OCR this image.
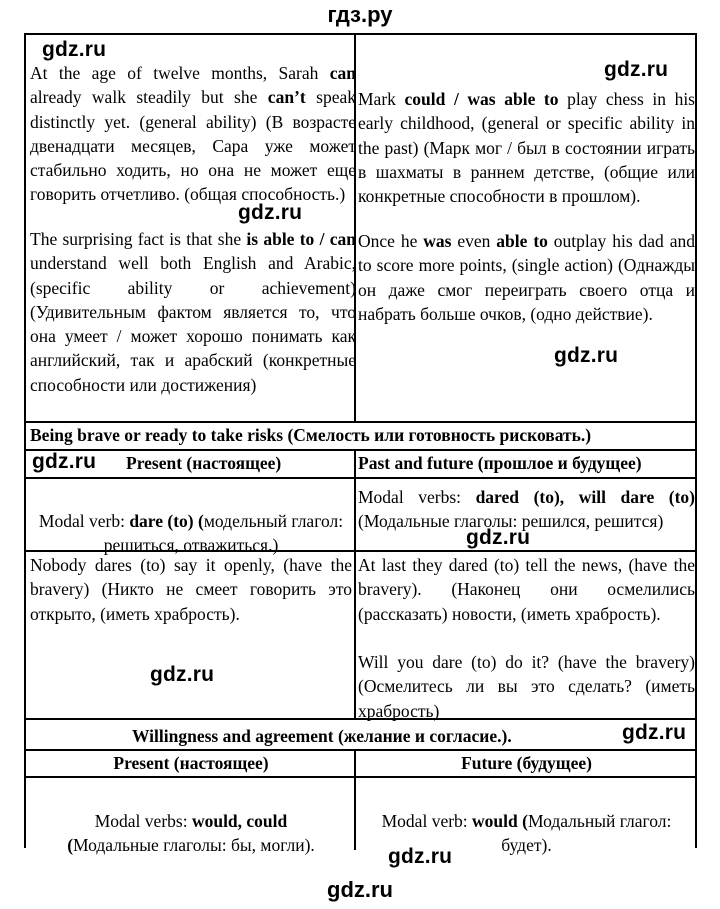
гдз.ру

At the age of twelve months, Sarah can already walk steadily but she can’t speak distinctly yet. (general ability) (В возрасте двенадцати месяцев, Сара уже может стабильно ходить, но она не может еще говорить отчетливо. (общая способность.)

The surprising fact is that she is able to / can understand well both English and Arabic, (specific ability or achievement) (Удивительным фактом является то, что она умеет / может хорошо понимать как английский, так и арабский (конкретные способности или достижения)

Mark could / was able to play chess in his early childhood, (general or specific ability in the past) (Марк мог / был в состоянии играть в шахматы в раннем детстве, (общие или конкретные способности в прошлом).

Once he was even able to outplay his dad and to score more points, (single action) (Однажды он даже смог переиграть своего отца и набрать больше очков, (одно действие).

Being brave or ready to take risks (Смелость или готовность рисковать.)
Present (настоящее)	Past and future (прошлое и будущее)

Modal verb: dare (to) (модельный глагол: решиться, отважиться.)

Modal verbs: dared (to), will dare (to) (Модальные глаголы: решился, решится)

Nobody dares (to) say it openly, (have the bravery) (Никто не смеет говорить это открыто, (иметь храбрость).

At last they dared (to) tell the news, (have the bravery). (Наконец они осмелились (рассказать) новости, (иметь храбрость).

Will you dare (to) do it? (have the bravery) (Осмелитесь ли вы это сделать? (иметь храбрость)

Willingness and agreement (желание и согласие.).
Present (настоящее)	Future (будущее)
Modal verbs: would, could
(Модальные глаголы: бы, могли).
Modal verb: would (Модальный глагол: будет).
gdz.ru
gdz.ru
gdz.ru
gdz.ru
gdz.ru
gdz.ru
gdz.ru
gdz.ru
gdz.ru
gdz.ru
